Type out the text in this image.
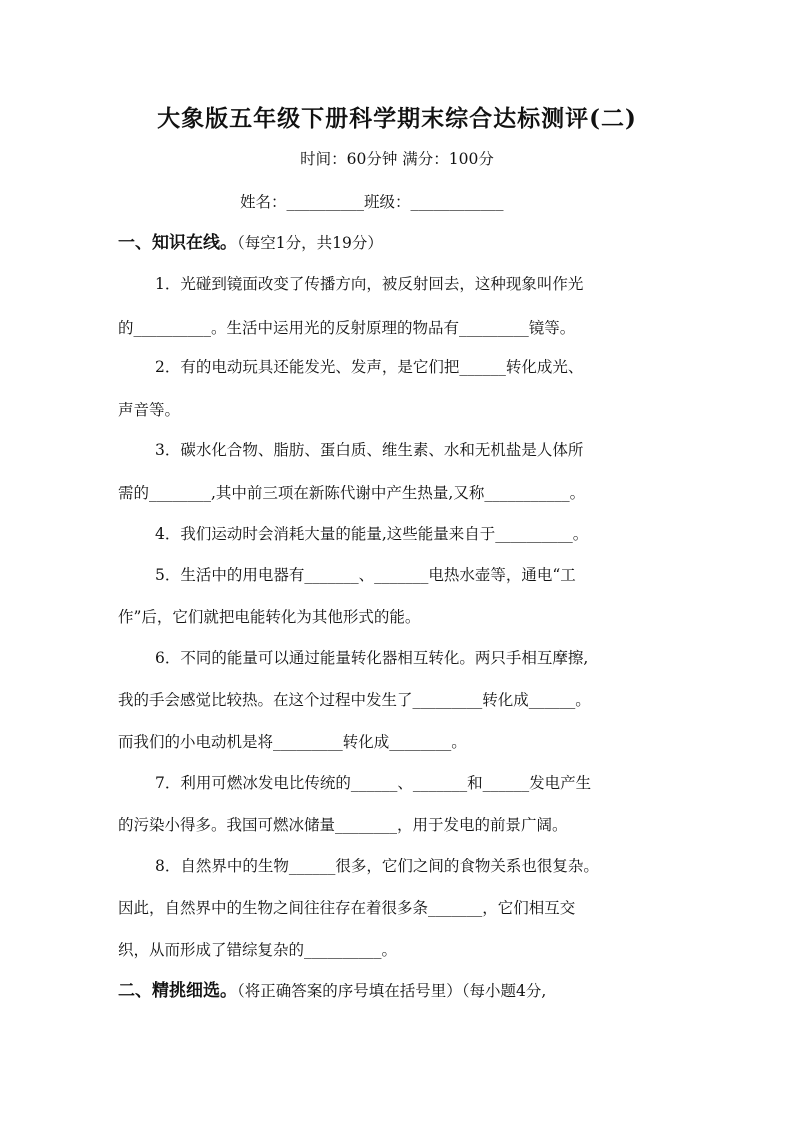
大象版五年级下册科学期末综合达标测评(二)
时间：60分钟 满分：100分
姓名：__________班级：____________
一、知识在线。（每空1分，共19分）
1．光碰到镜面改变了传播方向，被反射回去，这种现象叫作光
的__________。生活中运用光的反射原理的物品有_________镜等。
2．有的电动玩具还能发光、发声，是它们把______转化成光、
声音等。
3．碳水化合物、脂肪、蛋白质、维生素、水和无机盐是人体所
需的________,其中前三项在新陈代谢中产生热量,又称___________。
4．我们运动时会消耗大量的能量,这些能量来自于__________。
5．生活中的用电器有_______、_______电热水壶等，通电“工
作”后，它们就把电能转化为其他形式的能。
6．不同的能量可以通过能量转化器相互转化。两只手相互摩擦,
我的手会感觉比较热。在这个过程中发生了_________转化成______。
而我们的小电动机是将_________转化成________。
7．利用可燃冰发电比传统的______、_______和______发电产生
的污染小得多。我国可燃冰储量________，用于发电的前景广阔。
8．自然界中的生物______很多，它们之间的食物关系也很复杂。
因此，自然界中的生物之间往往存在着很多条_______，它们相互交
织，从而形成了错综复杂的__________。
二、精挑细选。（将正确答案的序号填在括号里）（每小题4分,
